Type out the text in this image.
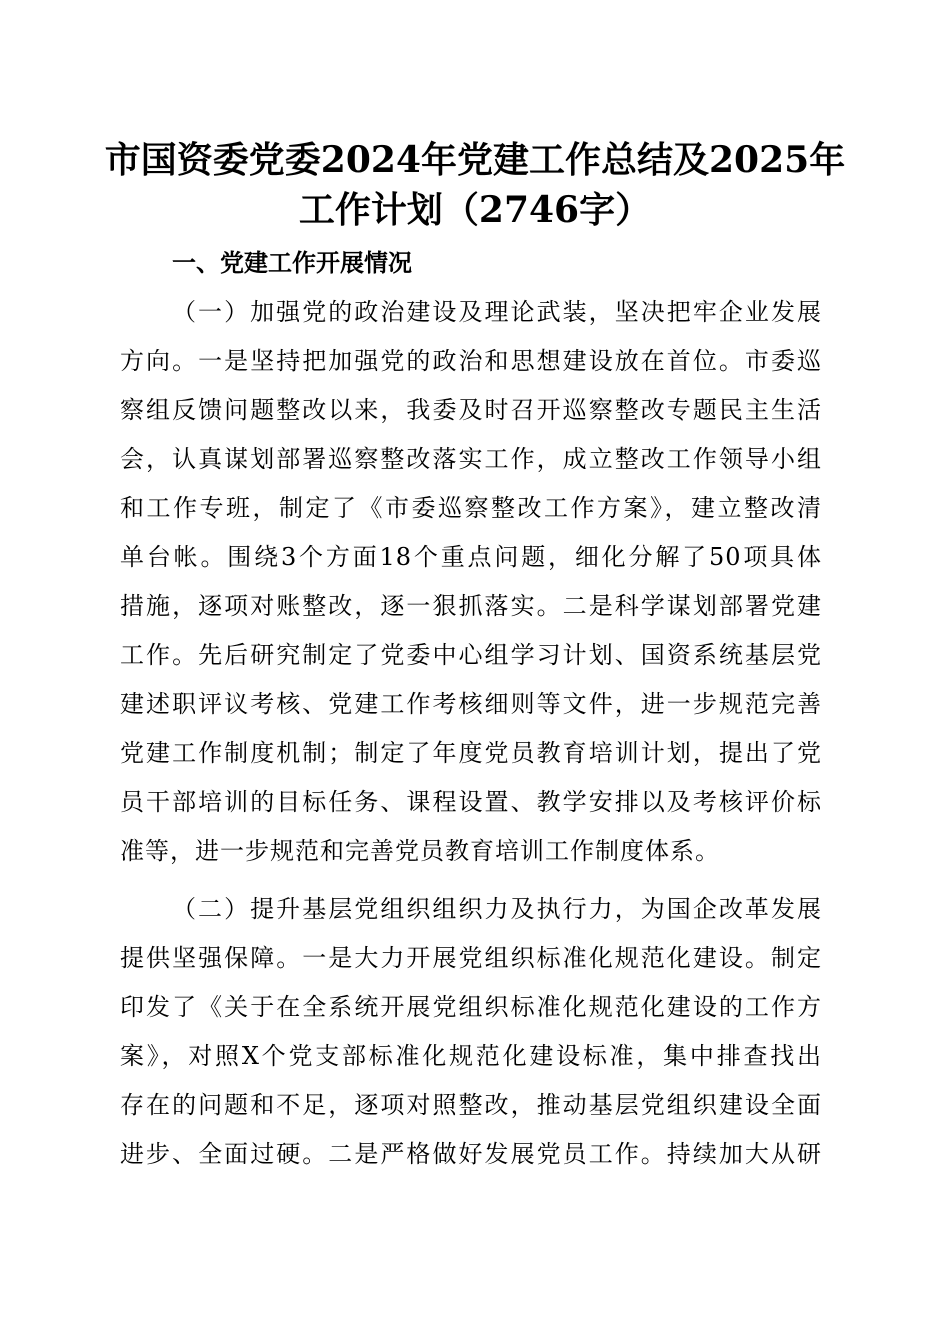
市国资委党委2024年党建工作总结及2025年
工作计划（2746字）
一、党建工作开展情况
（一）加强党的政治建设及理论武装，坚决把牢企业发展
方向。一是坚持把加强党的政治和思想建设放在首位。市委巡
察组反馈问题整改以来，我委及时召开巡察整改专题民主生活
会，认真谋划部署巡察整改落实工作，成立整改工作领导小组
和工作专班，制定了《市委巡察整改工作方案》，建立整改清
单台帐。围绕3个方面18个重点问题，细化分解了50项具体
措施，逐项对账整改，逐一狠抓落实。二是科学谋划部署党建
工作。先后研究制定了党委中心组学习计划、国资系统基层党
建述职评议考核、党建工作考核细则等文件，进一步规范完善
党建工作制度机制；制定了年度党员教育培训计划，提出了党
员干部培训的目标任务、课程设置、教学安排以及考核评价标
准等，进一步规范和完善党员教育培训工作制度体系。
（二）提升基层党组织组织力及执行力，为国企改革发展
提供坚强保障。一是大力开展党组织标准化规范化建设。制定
印发了《关于在全系统开展党组织标准化规范化建设的工作方
案》，对照X个党支部标准化规范化建设标准，集中排查找出
存在的问题和不足，逐项对照整改，推动基层党组织建设全面
进步、全面过硬。二是严格做好发展党员工作。持续加大从研
